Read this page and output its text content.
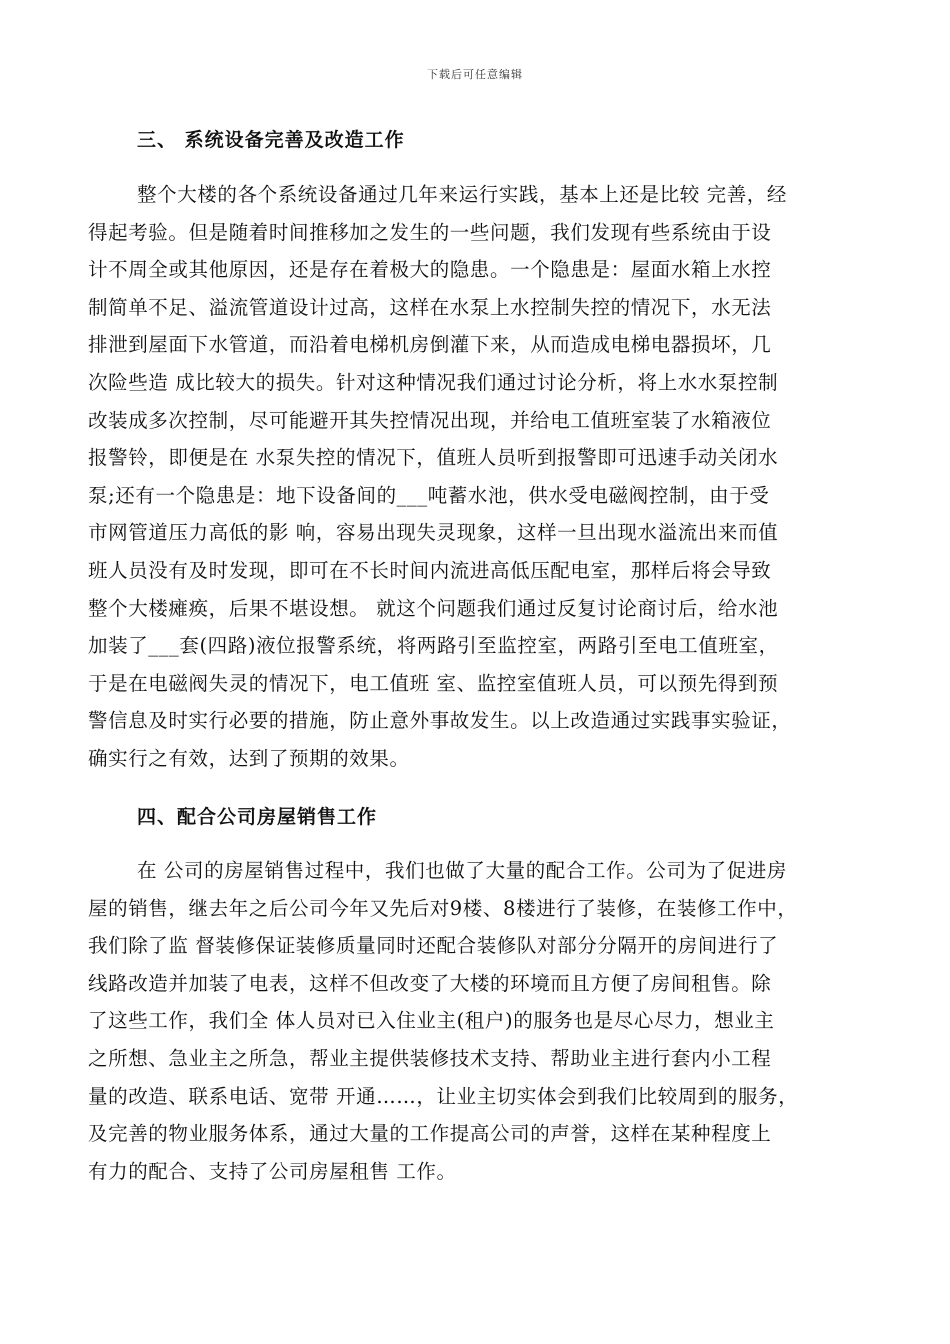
下载后可任意编辑
三、 系统设备完善及改造工作
整个大楼的各个系统设备通过几年来运行实践，基本上还是比较 完善，经
得起考验。但是随着时间推移加之发生的一些问题，我们发现有些系统由于设
计不周全或其他原因，还是存在着极大的隐患。一个隐患是：屋面水箱上水控
制简单不足、溢流管道设计过高，这样在水泵上水控制失控的情况下，水无法
排泄到屋面下水管道，而沿着电梯机房倒灌下来，从而造成电梯电器损坏，几
次险些造 成比较大的损失。针对这种情况我们通过讨论分析，将上水水泵控制
改装成多次控制，尽可能避开其失控情况出现，并给电工值班室装了水箱液位
报警铃，即便是在 水泵失控的情况下，值班人员听到报警即可迅速手动关闭水
泵;还有一个隐患是：地下设备间的___吨蓄水池，供水受电磁阀控制，由于受
市网管道压力高低的影 响，容易出现失灵现象，这样一旦出现水溢流出来而值
班人员没有及时发现，即可在不长时间内流进高低压配电室，那样后将会导致
整个大楼瘫痪，后果不堪设想。 就这个问题我们通过反复讨论商讨后，给水池
加装了___套(四路)液位报警系统，将两路引至监控室，两路引至电工值班室，
于是在电磁阀失灵的情况下，电工值班 室、监控室值班人员，可以预先得到预
警信息及时实行必要的措施，防止意外事故发生。以上改造通过实践事实验证，
确实行之有效，达到了预期的效果。
四、配合公司房屋销售工作
在 公司的房屋销售过程中，我们也做了大量的配合工作。公司为了促进房
屋的销售，继去年之后公司今年又先后对9楼、8楼进行了装修，在装修工作中，
我们除了监 督装修保证装修质量同时还配合装修队对部分分隔开的房间进行了
线路改造并加装了电表，这样不但改变了大楼的环境而且方便了房间租售。除
了这些工作，我们全 体人员对已入住业主(租户)的服务也是尽心尽力，想业主
之所想、急业主之所急，帮业主提供装修技术支持、帮助业主进行套内小工程
量的改造、联系电话、宽带 开通……，让业主切实体会到我们比较周到的服务，
及完善的物业服务体系，通过大量的工作提高公司的声誉，这样在某种程度上
有力的配合、支持了公司房屋租售 工作。
